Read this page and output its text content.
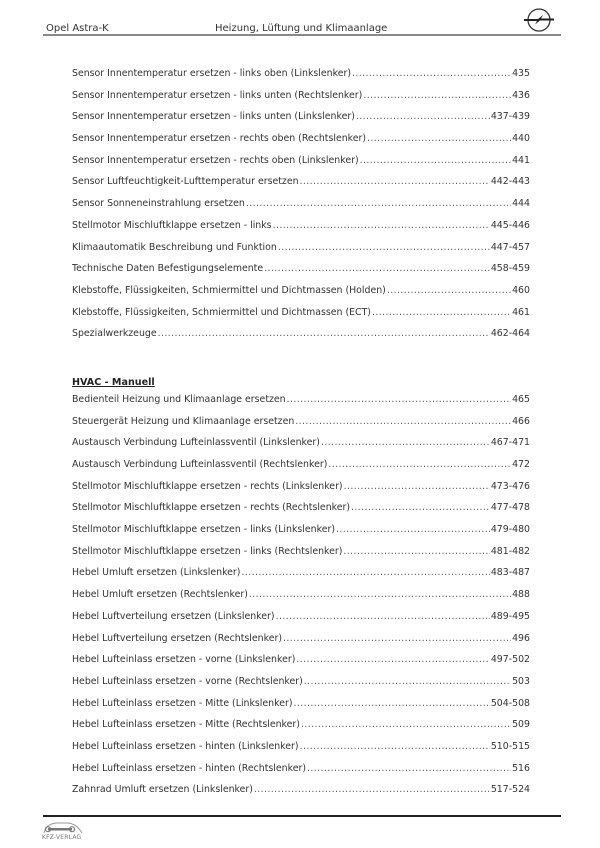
Opel Astra-K	Heizung, Lüftung und Klimaanlage
Sensor Innentemperatur ersetzen - links oben (Linkslenker) .....	435
Sensor Innentemperatur ersetzen - links unten (Rechtslenker) .....	436
Sensor Innentemperatur ersetzen - links unten (Linkslenker) .....	437-439
Sensor Innentemperatur ersetzen - rechts oben (Rechtslenker) .....	440
Sensor Innentemperatur ersetzen - rechts oben (Linkslenker) .....	441
Sensor Luftfeuchtigkeit-Lufttemperatur ersetzen .....	442-443
Sensor Sonneneinstrahlung ersetzen .....	444
Stellmotor Mischluftklappe ersetzen - links .....	445-446
Klimaautomatik Beschreibung und Funktion .....	447-457
Technische Daten Befestigungselemente .....	458-459
Klebstoffe, Flüssigkeiten, Schmiermittel und Dichtmassen (Holden) .....	460
Klebstoffe, Flüssigkeiten, Schmiermittel und Dichtmassen (ECT) .....	461
Spezialwerkzeuge .....	462-464
HVAC - Manuell
Bedienteil Heizung und Klimaanlage ersetzen .....	465
Steuergerät Heizung und Klimaanlage ersetzen .....	466
Austausch Verbindung Lufteinlassventil (Linkslenker) .....	467-471
Austausch Verbindung Lufteinlassventil (Rechtslenker) .....	472
Stellmotor Mischluftklappe ersetzen - rechts (Linkslenker) .....	473-476
Stellmotor Mischluftklappe ersetzen - rechts (Rechtslenker) .....	477-478
Stellmotor Mischluftklappe ersetzen - links (Linkslenker) .....	479-480
Stellmotor Mischluftklappe ersetzen - links (Rechtslenker) .....	481-482
Hebel Umluft ersetzen (Linkslenker) .....	483-487
Hebel Umluft ersetzen (Rechtslenker) .....	488
Hebel Luftverteilung ersetzen (Linkslenker) .....	489-495
Hebel Luftverteilung ersetzen (Rechtslenker) .....	496
Hebel Lufteinlass ersetzen - vorne (Linkslenker) .....	497-502
Hebel Lufteinlass ersetzen - vorne (Rechtslenker) .....	503
Hebel Lufteinlass ersetzen - Mitte (Linkslenker) .....	504-508
Hebel Lufteinlass ersetzen - Mitte (Rechtslenker) .....	509
Hebel Lufteinlass ersetzen - hinten (Linkslenker) .....	510-515
Hebel Lufteinlass ersetzen - hinten (Rechtslenker) .....	516
Zahnrad Umluft ersetzen (Linkslenker) .....	517-524
KFZ-VERLAG
